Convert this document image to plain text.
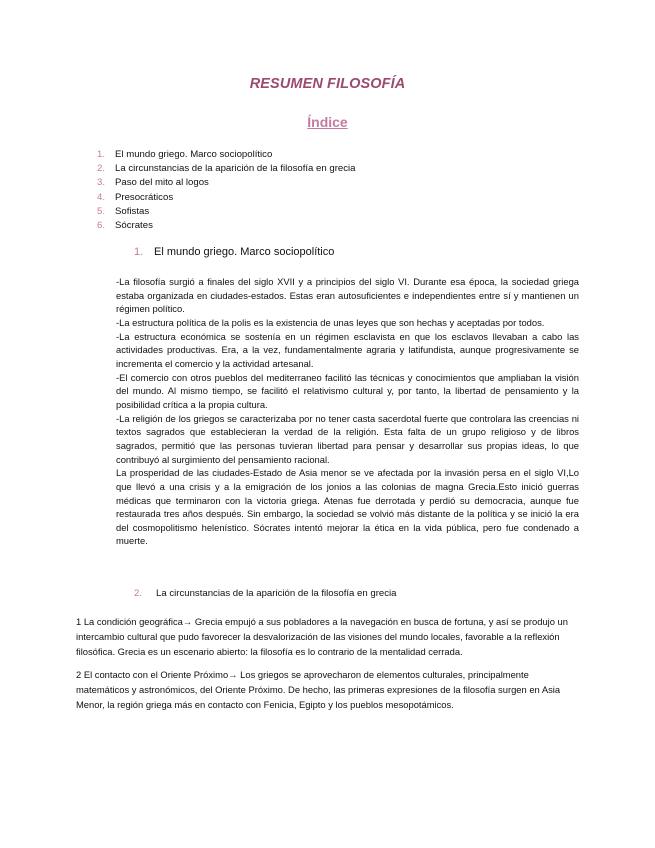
RESUMEN FILOSOFÍA
Índice
1. El mundo griego. Marco sociopolítico
2. La circunstancias de la aparición de la filosofía en grecia
3. Paso del mito al logos
4. Presocráticos
5. Sofistas
6. Sócrates
1. El mundo griego. Marco sociopolítico

-La filosofía surgió a finales del siglo XVII y a principios del siglo VI. Durante esa época, la sociedad griega estaba organizada en ciudades-estados. Estas eran autosuficientes e independientes entre sí y mantienen un régimen político.

-La estructura política de la polis es la existencia de unas leyes que son hechas y aceptadas por todos.

-La estructura económica se sostenía en un régimen esclavista en que los esclavos llevaban a cabo las actividades productivas. Era, a la vez, fundamentalmente agraria y latifundista, aunque progresivamente se incrementa el comercio y la actividad artesanal.

-El comercio con otros pueblos del mediterraneo facilitó las técnicas y conocimientos que ampliaban la visión del mundo. Al mismo tiempo, se facilitó el relativismo cultural y, por tanto, la libertad de pensamiento y la posibilidad crítica a la propia cultura.

-La religión de los griegos se caracterizaba por no tener casta sacerdotal fuerte que controlara las creencias ni textos sagrados que establecieran la verdad de la religión. Esta falta de un grupo religioso y de libros sagrados, permitió que las personas tuvieran libertad para pensar y desarrollar sus propias ideas, lo que contribuyó al surgimiento del pensamiento racional.

La prosperidad de las ciudades-Estado de Asia menor se ve afectada por la invasión persa en el siglo VI,Lo que llevó a una crisis y a la emigración de los jonios a las colonias de magna Grecia.Esto inició guerras médicas que terminaron con la victoria griega. Atenas fue derrotada y perdió su democracia, aunque fue restaurada tres años después. Sin embargo, la sociedad se volvió más distante de la política y se inició la era del cosmopolitismo helenístico. Sócrates intentó mejorar la ética en la vida pública, pero fue condenado a muerte.

2. La circunstancias de la aparición de la filosofía en grecia

1 La condición geográfica→ Grecia empujó a sus pobladores a la navegación en busca de fortuna, y así se produjo un intercambio cultural que pudo favorecer la desvalorización de las visiones del mundo locales, favorable a la reflexión filosófica. Grecia es un escenario abierto: la filosofía es lo contrario de la mentalidad cerrada.

2 El contacto con el Oriente Próximo→ Los griegos se aprovecharon de elementos culturales, principalmente matemáticos y astronómicos, del Oriente Próximo. De hecho, las primeras expresiones de la filosofía surgen en Asia Menor, la región griega más en contacto con Fenicia, Egipto y los pueblos mesopotámicos.
